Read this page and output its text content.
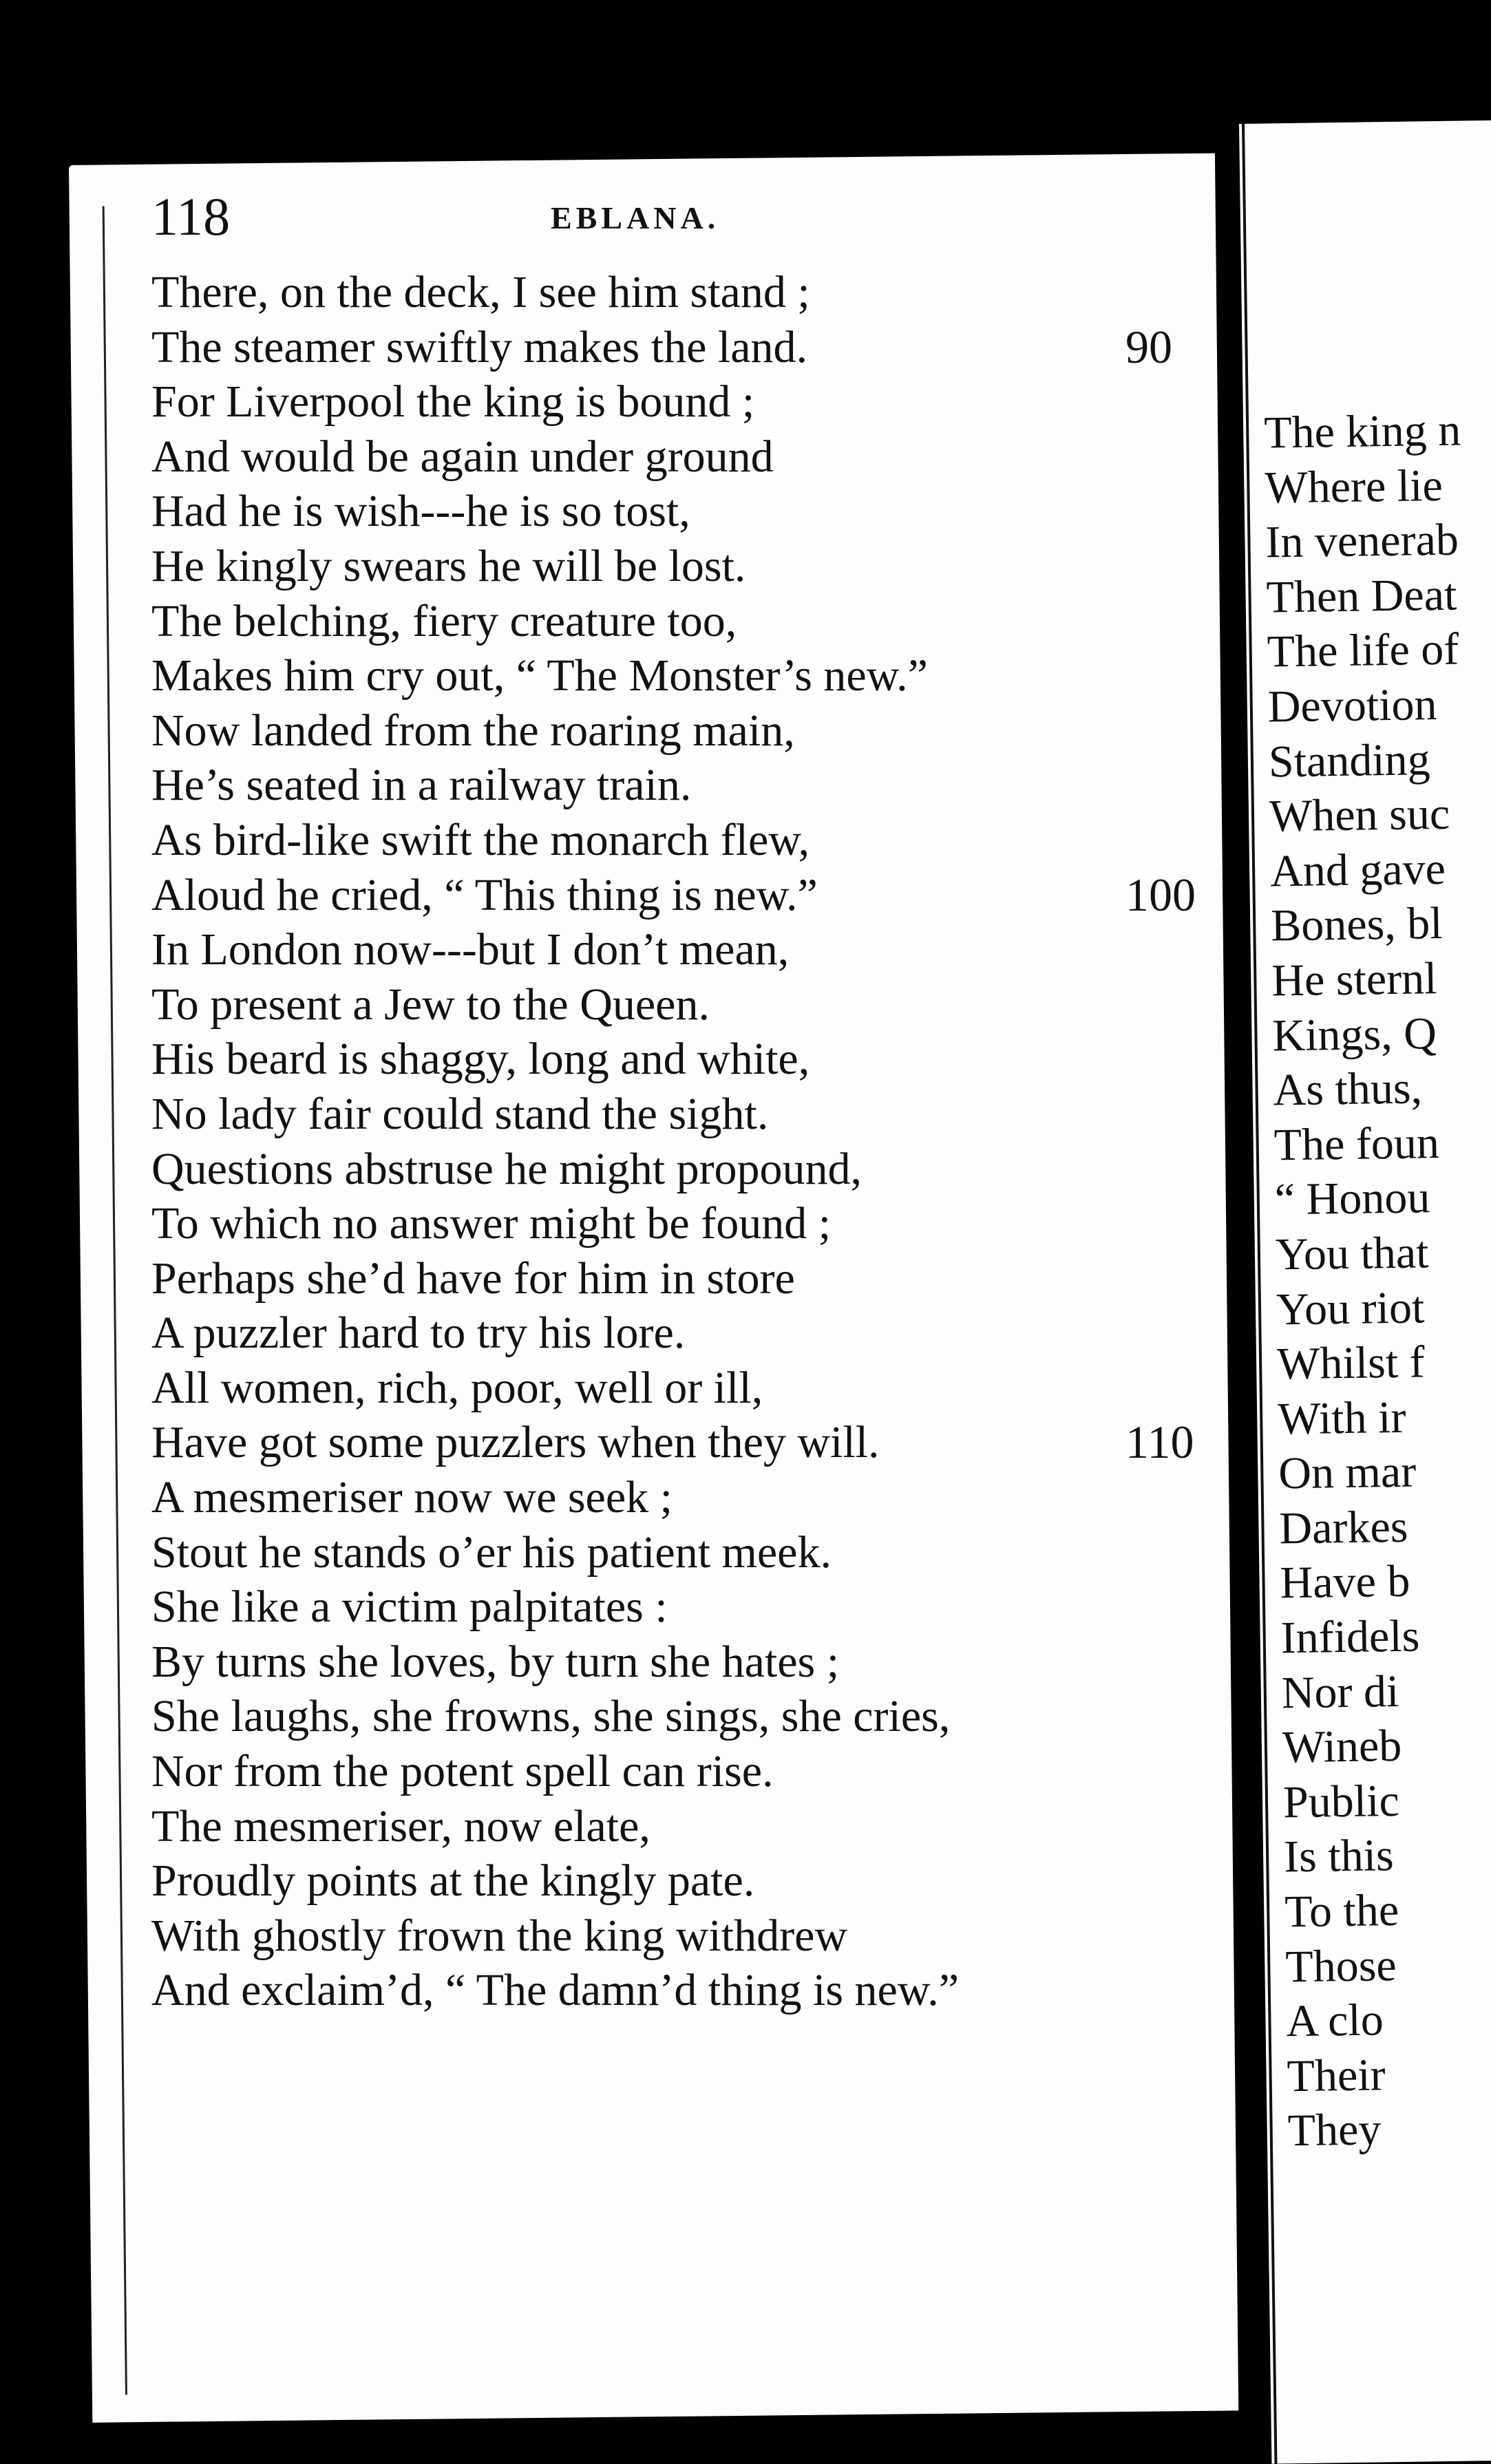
118	EBLANA.
There, on the deck, I see him stand ;
The steamer swiftly makes the land.	90
For Liverpool the king is bound ;
And would be again under ground
Had he is wish---he is so tost,
He kingly swears he will be lost.
The belching, fiery creature too,
Makes him cry out, “ The Monster’s new.”
Now landed from the roaring main,
He’s seated in a railway train.
As bird-like swift the monarch flew,
Aloud he cried, “ This thing is new.”	100
In London now---but I don’t mean,
To present a Jew to the Queen.
His beard is shaggy, long and white,
No lady fair could stand the sight.
Questions abstruse he might propound,
To which no answer might be found ;
Perhaps she’d have for him in store
A puzzler hard to try his lore.
All women, rich, poor, well or ill,
Have got some puzzlers when they will.	110
A mesmeriser now we seek ;
Stout he stands o’er his patient meek.
She like a victim palpitates :
By turns she loves, by turn she hates ;
She laughs, she frowns, she sings, she cries,
Nor from the potent spell can rise.
The mesmeriser, now elate,
Proudly points at the kingly pate.
With ghostly frown the king withdrew
And exclaim’d, “ The damn’d thing is new.”
The king n
Where lie
In venerab
Then Deat
The life of
Devotion
Standing
When suc
And gave
Bones, bl
He sternl
Kings, Q
As thus,
The foun
“ Honou
You that
You riot
Whilst f
With ir
On mar
Darkes
Have b
Infidels
Nor di
Wineb
Public
Is this
To the
Those
A clo
Their
They
